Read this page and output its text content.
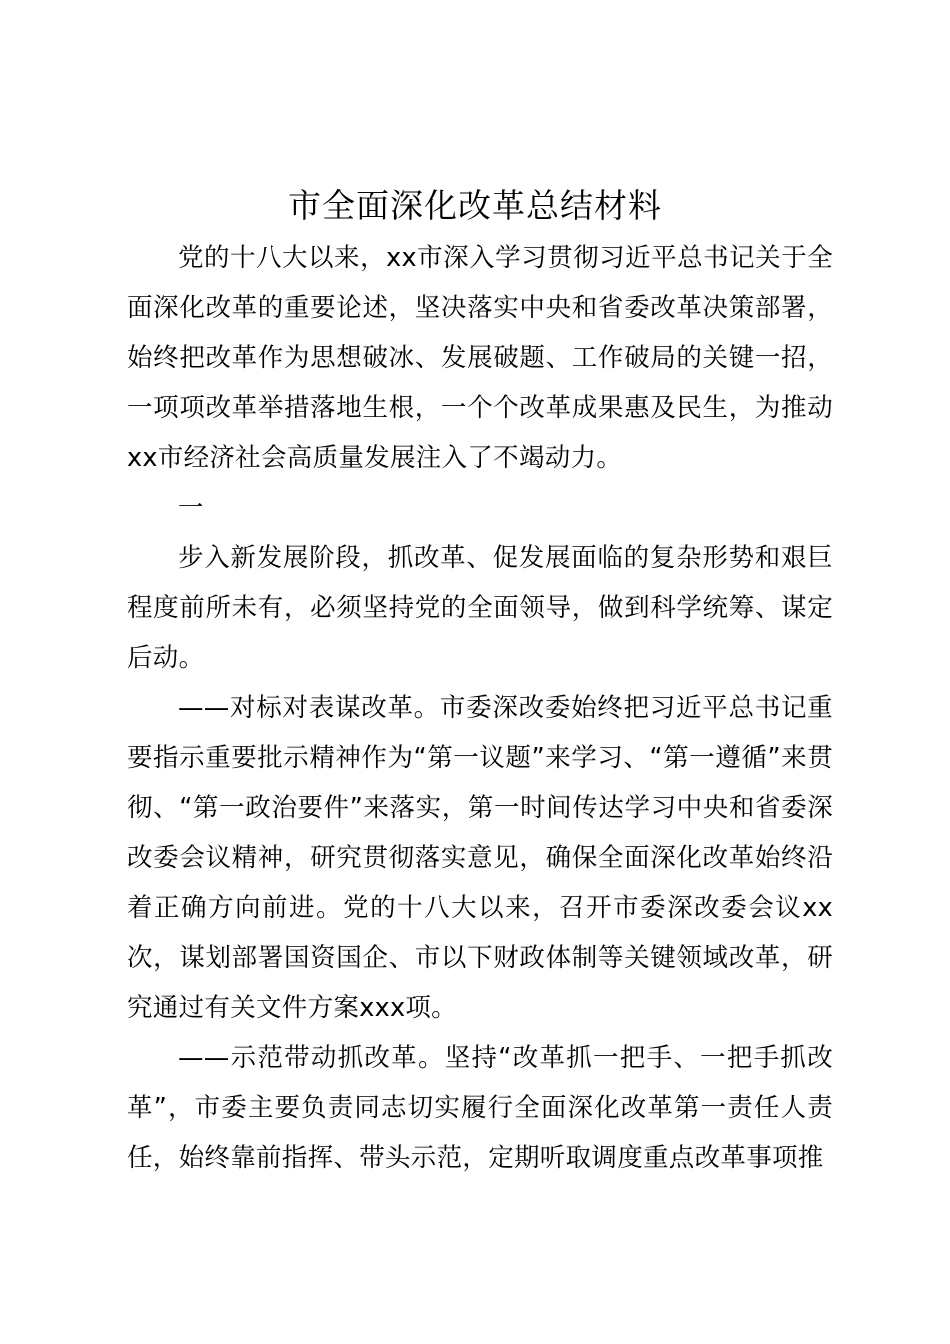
市全面深化改革总结材料

党的十八大以来，xx市深入学习贯彻习近平总书记关于全面深化改革的重要论述，坚决落实中央和省委改革决策部署，始终把改革作为思想破冰、发展破题、工作破局的关键一招，一项项改革举措落地生根，一个个改革成果惠及民生，为推动xx市经济社会高质量发展注入了不竭动力。

一

步入新发展阶段，抓改革、促发展面临的复杂形势和艰巨程度前所未有，必须坚持党的全面领导，做到科学统筹、谋定后动。

——对标对表谋改革。市委深改委始终把习近平总书记重要指示重要批示精神作为“第一议题”来学习、“第一遵循”来贯彻、“第一政治要件”来落实，第一时间传达学习中央和省委深改委会议精神，研究贯彻落实意见，确保全面深化改革始终沿着正确方向前进。党的十八大以来，召开市委深改委会议xx次，谋划部署国资国企、市以下财政体制等关键领域改革，研究通过有关文件方案xxx项。

——示范带动抓改革。坚持“改革抓一把手、一把手抓改革”，市委主要负责同志切实履行全面深化改革第一责任人责任，始终靠前指挥、带头示范，定期听取调度重点改革事项推
